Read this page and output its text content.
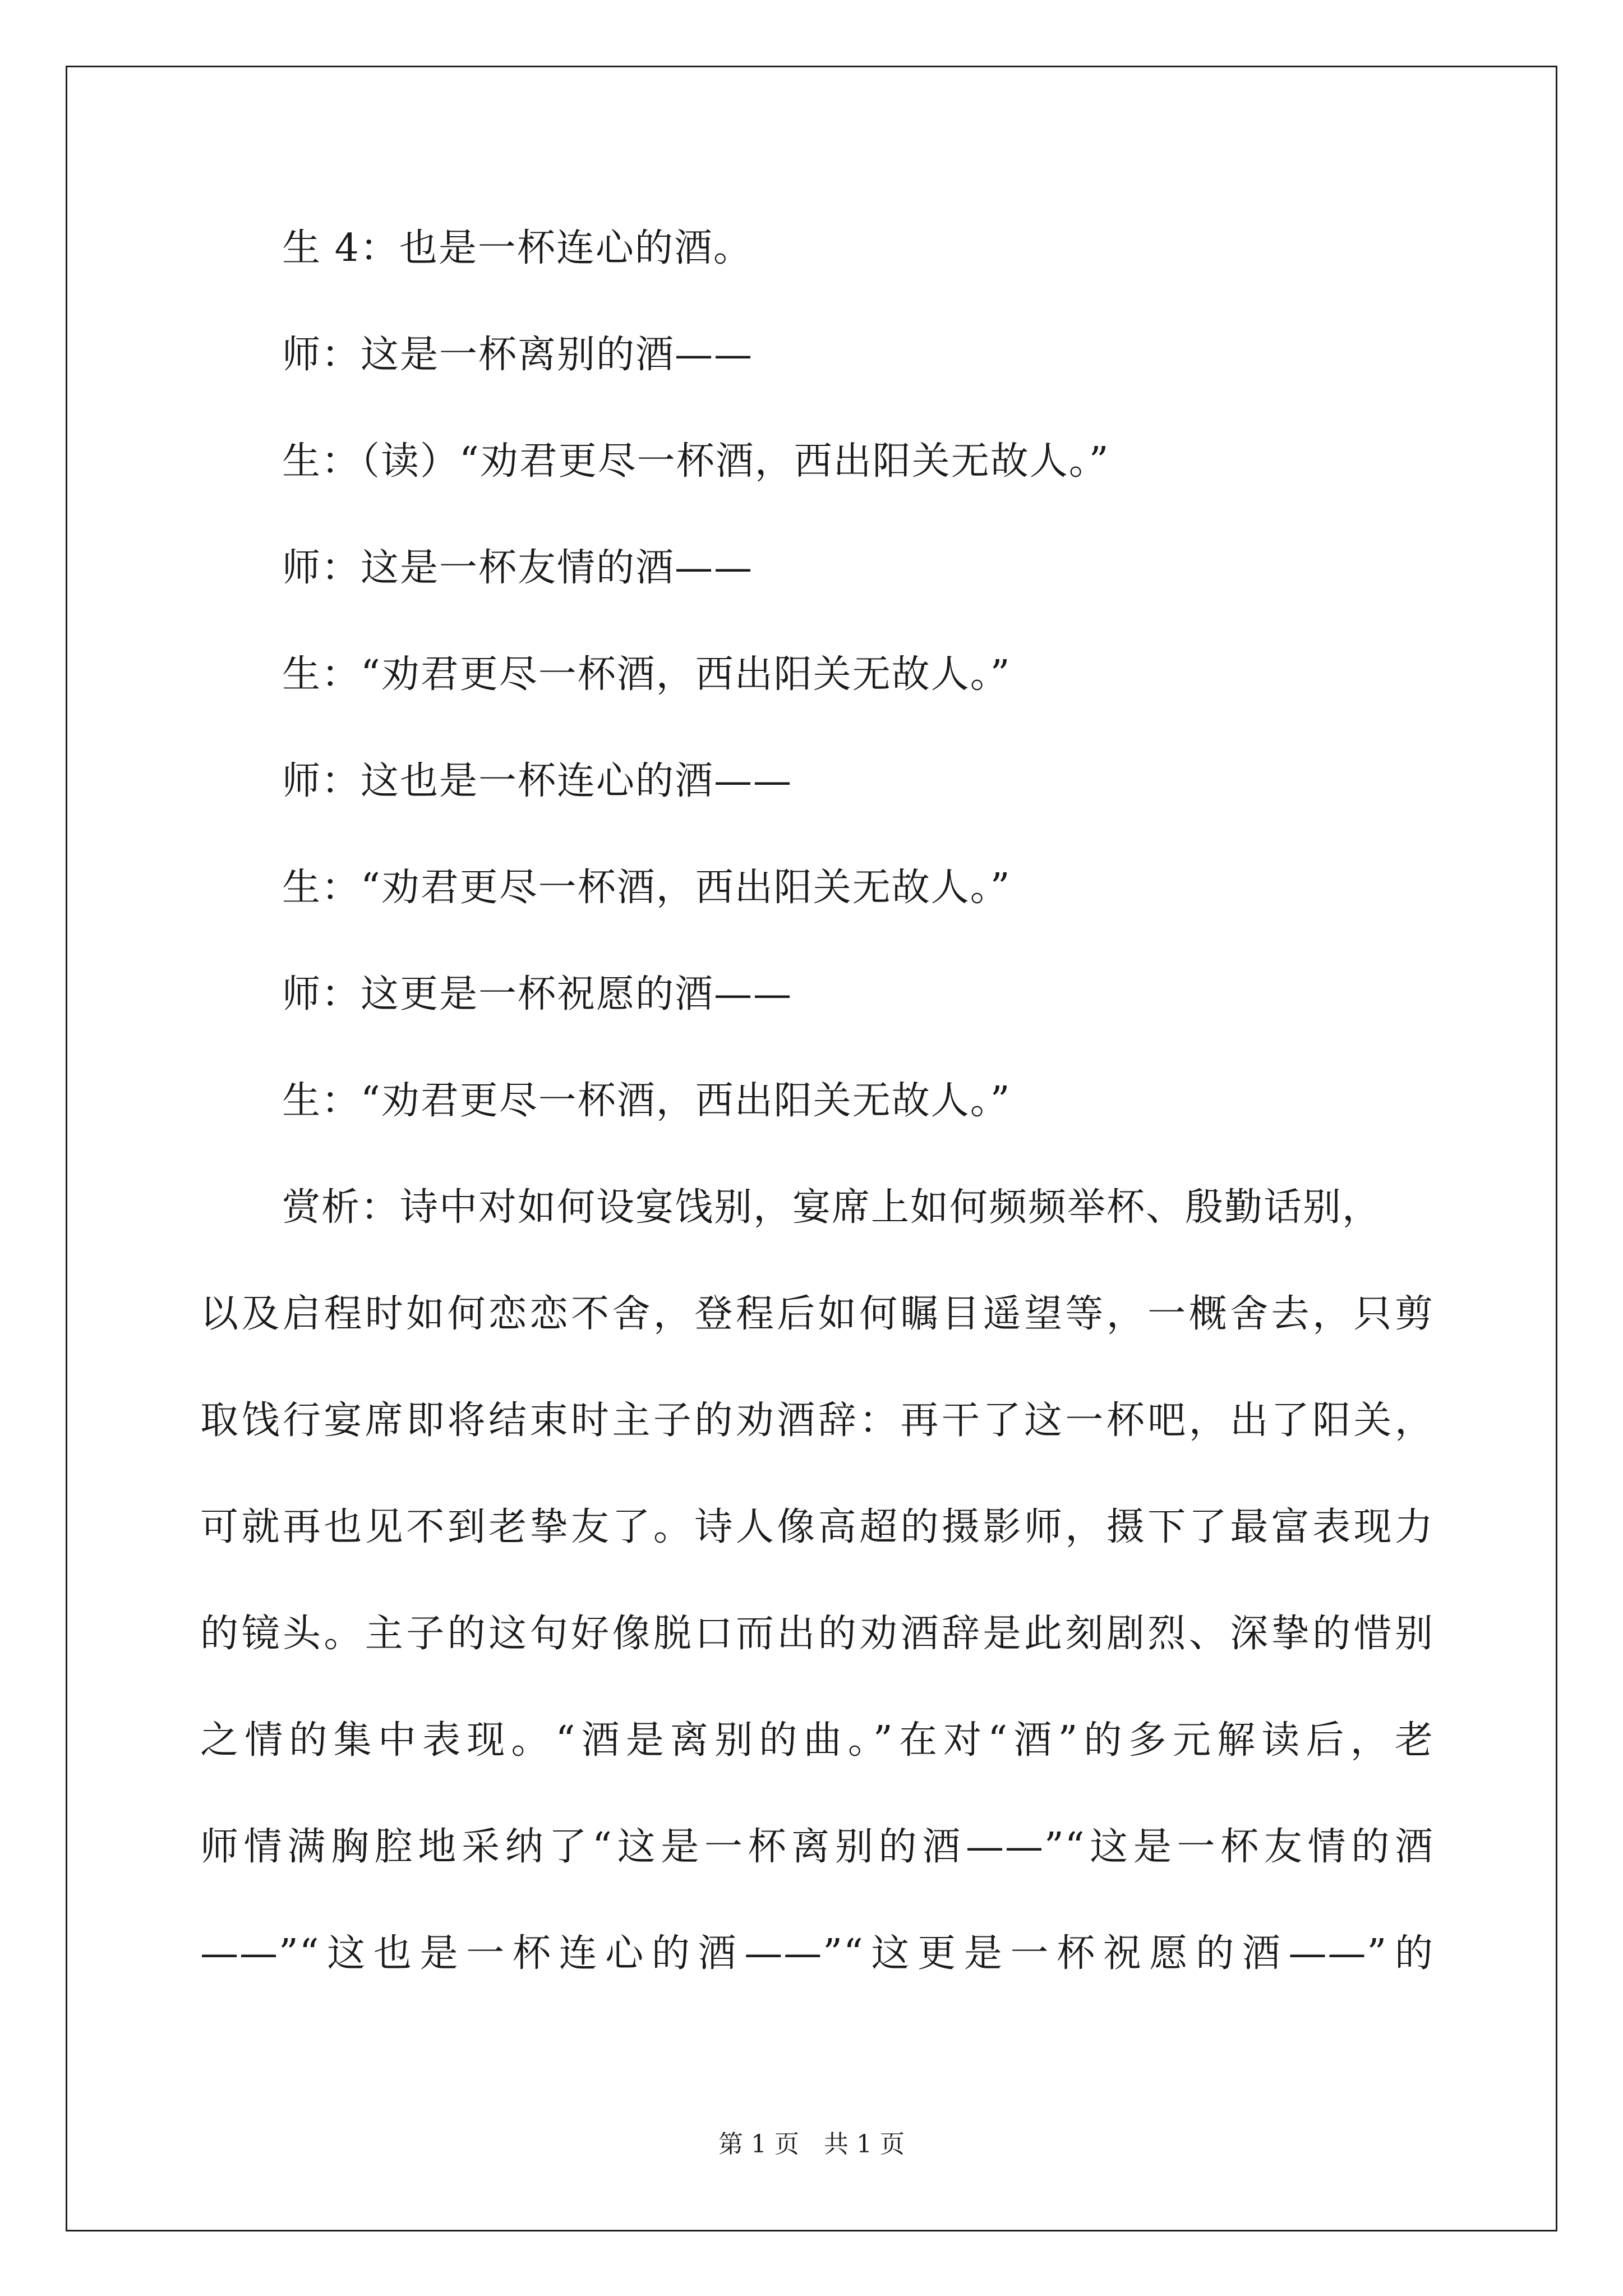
生 4：也是一杯连心的酒。
师：这是一杯离别的酒——
生：（读）“劝君更尽一杯酒，西出阳关无故人。”
师：这是一杯友情的酒——
生：“劝君更尽一杯酒，西出阳关无故人。”
师：这也是一杯连心的酒——
生：“劝君更尽一杯酒，西出阳关无故人。”
师：这更是一杯祝愿的酒——
生：“劝君更尽一杯酒，西出阳关无故人。”
赏析：诗中对如何设宴饯别，宴席上如何频频举杯、殷勤话别，
以及启程时如何恋恋不舍，登程后如何瞩目遥望等，一概舍去，只剪
取饯行宴席即将结束时主子的劝酒辞：再干了这一杯吧，出了阳关，
可就再也见不到老挚友了。诗人像高超的摄影师，摄下了最富表现力
的镜头。主子的这句好像脱口而出的劝酒辞是此刻剧烈、深挚的惜别
之情的集中表现。“酒是离别的曲。”在对“酒”的多元解读后，老
师情满胸腔地采纳了“这是一杯离别的酒——”“这是一杯友情的酒
——”“这也是一杯连心的酒——”“这更是一杯祝愿的酒——”的
第 1 页　共 1 页
